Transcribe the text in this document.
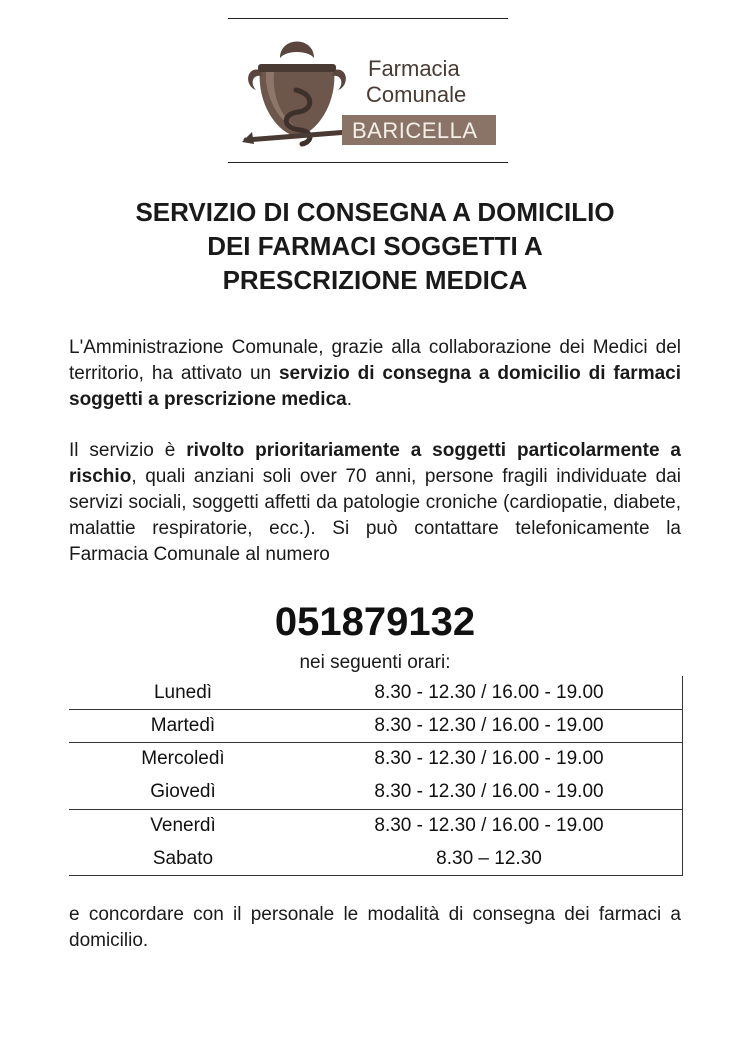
Farmacia
Comunale
BARICELLA
SERVIZIO DI CONSEGNA A DOMICILIO
DEI FARMACI SOGGETTI A
PRESCRIZIONE MEDICA
L'Amministrazione Comunale, grazie alla collaborazione dei Medici del territorio, ha attivato un servizio di consegna a domicilio di farmaci soggetti a prescrizione medica.
Il servizio è rivolto prioritariamente a soggetti particolarmente a rischio, quali anziani soli over 70 anni, persone fragili individuate dai servizi sociali, soggetti affetti da patologie croniche (cardiopatie, diabete, malattie respiratorie, ecc.). Si può contattare telefonicamente la Farmacia Comunale al numero
051879132
nei seguenti orari:
Lunedì	8.30 - 12.30 / 16.00 - 19.00
Martedì	8.30 - 12.30 / 16.00 - 19.00
Mercoledì	8.30 - 12.30 / 16.00 - 19.00
Giovedì	8.30 - 12.30 / 16.00 - 19.00
Venerdì	8.30 - 12.30 / 16.00 - 19.00
Sabato	8.30 – 12.30
e concordare con il personale le modalità di consegna dei farmaci a domicilio.
